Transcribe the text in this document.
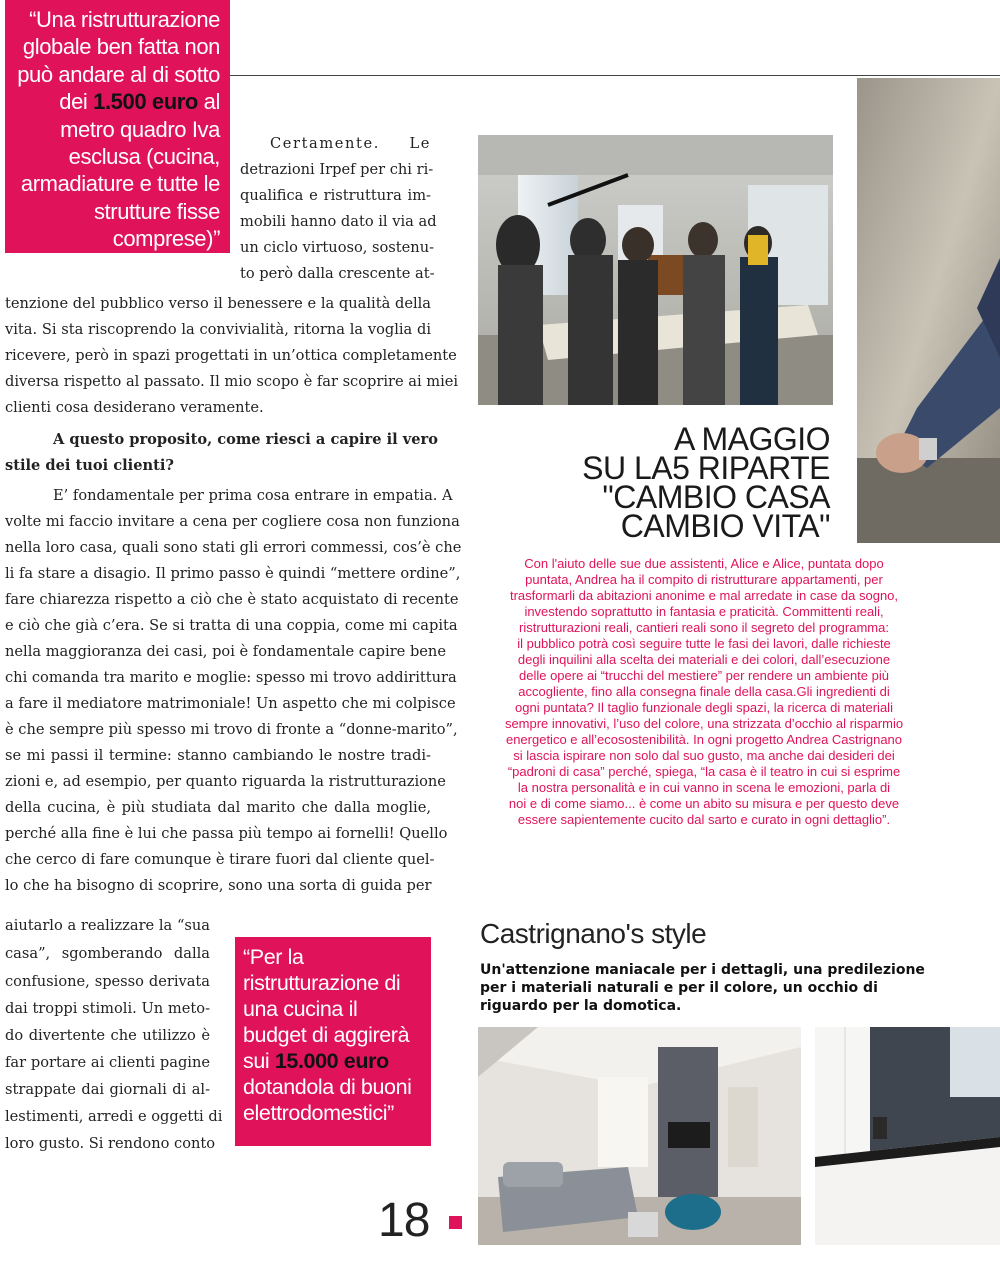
“Una ristrutturazione globale ben fatta non può andare al di sotto dei 1.500 euro al metro quadro Iva esclusa (cucina, armadiature e tutte le strutture fisse comprese)”
Certamente. Le
detrazioni Irpef per chi ri-
qualifica e ristruttura im-
mobili hanno dato il via ad
un ciclo virtuoso, sostenu-
to però dalla crescente at-
tenzione del pubblico verso il benessere e la qualità della
vita. Si sta riscoprendo la convivialità, ritorna la voglia di
ricevere, però in spazi progettati in un’ottica completamente
diversa rispetto al passato. Il mio scopo è far scoprire ai miei
clienti cosa desiderano veramente.
A questo proposito, come riesci a capire il vero
stile dei tuoi clienti?
E’ fondamentale per prima cosa entrare in empatia. A
volte mi faccio invitare a cena per cogliere cosa non funziona
nella loro casa, quali sono stati gli errori commessi, cos’è che
li fa stare a disagio. Il primo passo è quindi “mettere ordine”,
fare chiarezza rispetto a ciò che è stato acquistato di recente
e ciò che già c’era. Se si tratta di una coppia, come mi capita
nella maggioranza dei casi, poi è fondamentale capire bene
chi comanda tra marito e moglie: spesso mi trovo addirittura
a fare il mediatore matrimoniale! Un aspetto che mi colpisce
è che sempre più spesso mi trovo di fronte a “donne-marito”,
se mi passi il termine: stanno cambiando le nostre tradi-
zioni e, ad esempio, per quanto riguarda la ristrutturazione
della cucina, è più studiata dal marito che dalla moglie,
perché alla fine è lui che passa più tempo ai fornelli! Quello
che cerco di fare comunque è tirare fuori dal cliente quel-
lo che ha bisogno di scoprire, sono una sorta di guida per
aiutarlo a realizzare la “sua
casa”, sgomberando dalla
confusione, spesso derivata
dai troppi stimoli. Un meto-
do divertente che utilizzo è
far portare ai clienti pagine
strappate dai giornali di al-
lestimenti, arredi e oggetti di
loro gusto. Si rendono conto
“Per la ristrutturazione di una cucina il budget di aggirerà sui 15.000 euro dotandola di buoni elettrodomestici”
A MAGGIO
SU LA5 RIPARTE
"CAMBIO CASA
CAMBIO VITA"
Con l'aiuto delle sue due assistenti, Alice e Alice, puntata dopo
puntata, Andrea ha il compito di ristrutturare appartamenti, per
trasformarli da abitazioni anonime e mal arredate in case da sogno,
investendo soprattutto in fantasia e praticità. Committenti reali,
ristrutturazioni reali, cantieri reali sono il segreto del programma:
il pubblico potrà così seguire tutte le fasi dei lavori, dalle richieste
degli inquilini alla scelta dei materiali e dei colori, dall’esecuzione
delle opere ai “trucchi del mestiere” per rendere un ambiente più
accogliente, fino alla consegna finale della casa.Gli ingredienti di
ogni puntata? Il taglio funzionale degli spazi, la ricerca di materiali
sempre innovativi, l’uso del colore, una strizzata d’occhio al risparmio
energetico e all’ecosostenibilità. In ogni progetto Andrea Castrignano
si lascia ispirare non solo dal suo gusto, ma anche dai desideri dei
“padroni di casa” perché, spiega, “la casa è il teatro in cui si esprime
la nostra personalità e in cui vanno in scena le emozioni, parla di
noi e di come siamo... è come un abito su misura e per questo deve
essere sapientemente cucito dal sarto e curato in ogni dettaglio”.
Castrignano's style
Un'attenzione maniacale per i dettagli, una predilezione
per i materiali naturali e per il colore, un occhio di
riguardo per la domotica.
18
